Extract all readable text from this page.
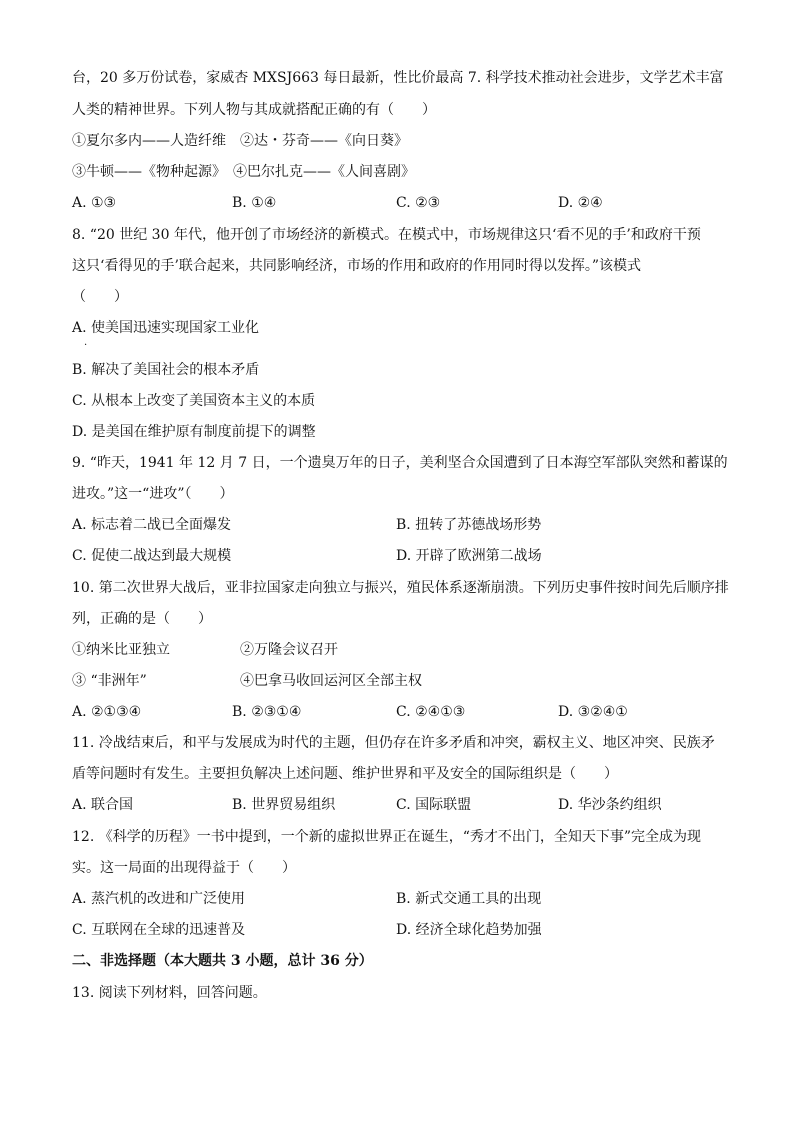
台，20 多万份试卷，家威杏 MXSJ663 每日最新，性比价最高 7. 科学技术推动社会进步，文学艺术丰富
人类的精神世界。下列人物与其成就搭配正确的有（　　）
①夏尔多内——人造纤维　②达・芬奇——《向日葵》
③牛顿——《物种起源》　④巴尔扎克——《人间喜剧》
A. ①③	B. ①④	C. ②③	D. ②④
8. “20 世纪 30 年代，他开创了市场经济的新模式。在模式中，市场规律这只‘看不见的手’和政府干预
这只‘看得见的手’联合起来，共同影响经济，市场的作用和政府的作用同时得以发挥。”该模式
（　　）
A. 使美国迅速实现国家工业化
.
B. 解决了美国社会的根本矛盾
C. 从根本上改变了美国资本主义的本质
D. 是美国在维护原有制度前提下的调整
9. “昨天，1941 年 12 月 7 日，一个遗臭万年的日子，美利坚合众国遭到了日本海空军部队突然和蓄谋的
进攻。”这一“进攻”（　　）
A. 标志着二战已全面爆发	B. 扭转了苏德战场形势
C. 促使二战达到最大规模	D. 开辟了欧洲第二战场
10. 第二次世界大战后，亚非拉国家走向独立与振兴，殖民体系逐渐崩溃。下列历史事件按时间先后顺序排
列，正确的是（　　）
①纳米比亚独立	②万隆会议召开
③ “非洲年”	④巴拿马收回运河区全部主权
A. ②①③④	B. ②③①④	C. ②④①③	D. ③②④①
11. 冷战结束后，和平与发展成为时代的主题，但仍存在许多矛盾和冲突，霸权主义、地区冲突、民族矛
盾等问题时有发生。主要担负解决上述问题、维护世界和平及安全的国际组织是（　　）
A. 联合国	B. 世界贸易组织	C. 国际联盟	D. 华沙条约组织
12. 《科学的历程》一书中提到，一个新的虚拟世界正在诞生，“秀才不出门，全知天下事”完全成为现
实。这一局面的出现得益于（　　）
A. 蒸汽机的改进和广泛使用	B. 新式交通工具的出现
C. 互联网在全球的迅速普及	D. 经济全球化趋势加强
二、非选择题（本大题共 3 小题，总计 36 分）
13. 阅读下列材料，回答问题。
